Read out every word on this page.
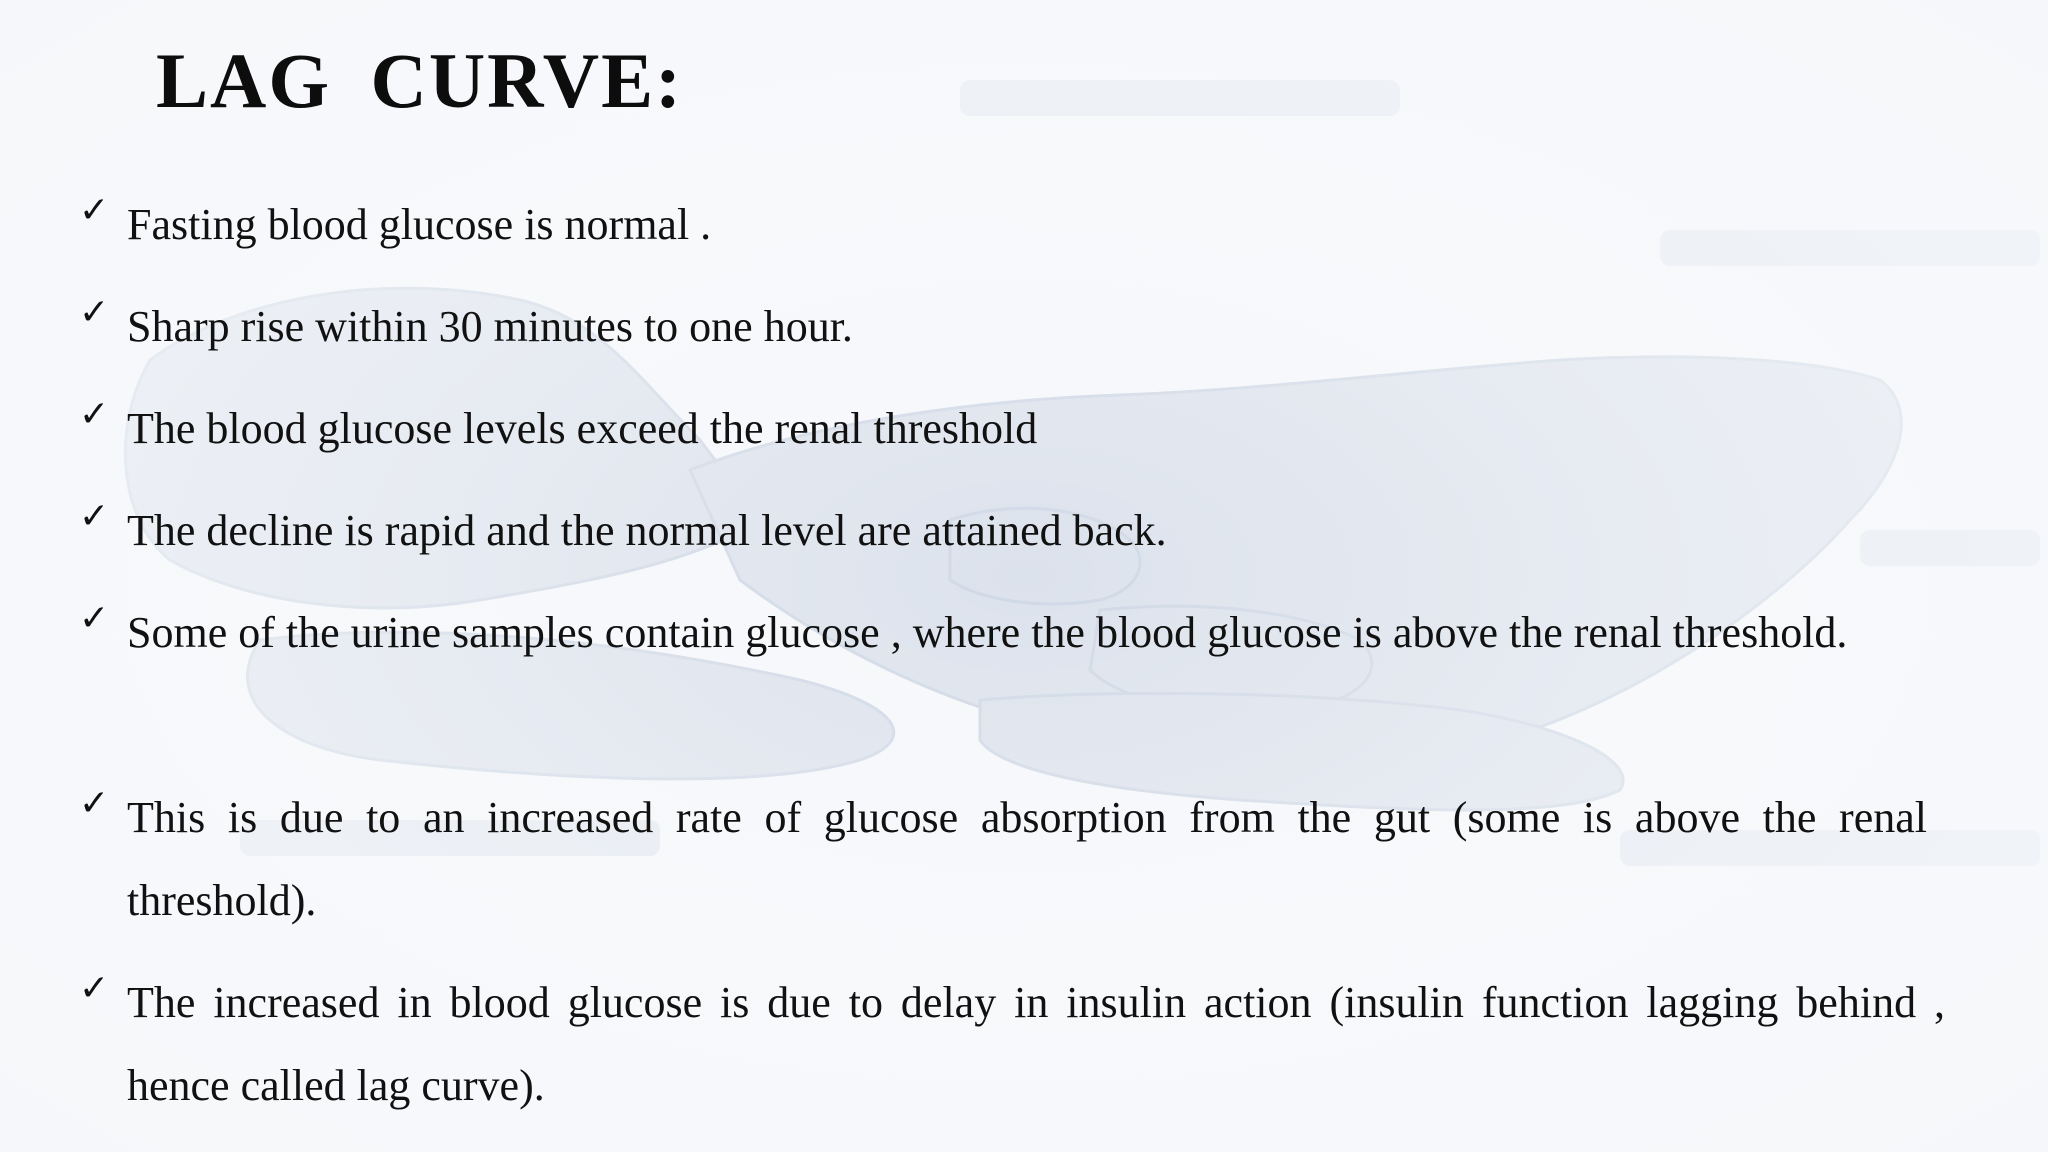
LAG CURVE:
✓ Fasting blood glucose is normal .
✓ Sharp rise within 30 minutes to one hour.
✓ The blood glucose levels exceed the renal threshold
✓ The decline is rapid and the normal level are attained back.
✓ Some of the urine samples contain glucose , where the blood glucose is above the renal threshold.
✓ This is due to an increased rate of glucose absorption from the gut (some is above the renal threshold).
✓ The increased in blood glucose is due to delay in insulin action (insulin function lagging behind , hence called lag curve).
